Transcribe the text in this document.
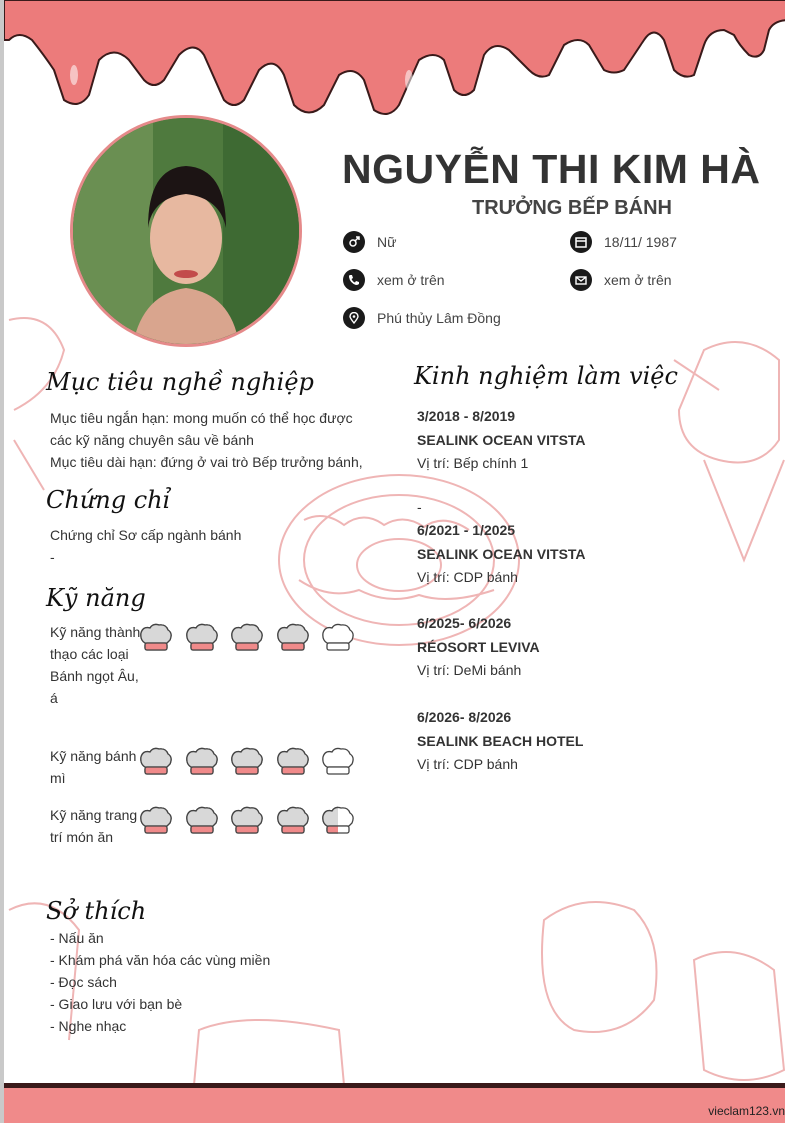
NGUYỄN THI KIM HÀ
TRƯỞNG BẾP BÁNH
Nữ	18/11/ 1987
xem ở trên	xem ở trên
Phú thủy Lâm Đồng
Mục tiêu nghề nghiệp
Mục tiêu ngắn hạn: mong muốn có thể học được
các kỹ năng chuyên sâu về bánh
Mục tiêu dài hạn: đứng ở vai trò Bếp trưởng bánh,
Chứng chỉ
Chứng chỉ Sơ cấp ngành bánh
-
Kỹ năng
Kỹ năng thành thạo các loại Bánh ngọt Âu, á
Kỹ năng bánh mì
Kỹ năng trang trí món ăn
Sở thích
- Nấu ăn
- Khám phá văn hóa các vùng miền
- Đọc sách
- Giao lưu với bạn bè
- Nghe nhạc
Kinh nghiệm làm việc
3/2018 - 8/2019
SEALINK OCEAN VITSTA
Vị trí: Bếp chính 1
-
6/2021 - 1/2025
SEALINK OCEAN VITSTA
Vị trí: CDP bánh
6/2025- 6/2026
RÉOSORT LEVIVA
Vị trí: DeMi bánh
6/2026- 8/2026
SEALINK BEACH HOTEL
Vị trí: CDP bánh
vieclam123.vn
